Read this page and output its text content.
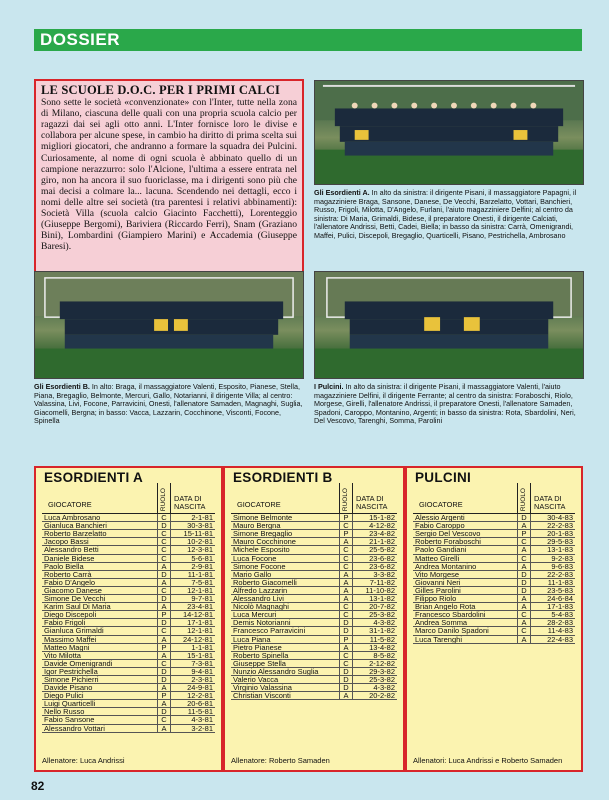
DOSSIER
LE SCUOLE D.O.C. PER I PRIMI CALCI

Sono sette le società «convenzionate» con l'Inter, tutte nella zona di Milano, ciascuna delle quali con una propria scuola calcio per ragazzi dai sei agli otto anni. L'Inter fornisce loro le divise e collabora per alcune spese, in cambio ha diritto di prima scelta sui migliori giocatori, che andranno a formare la squadra dei Pulcini. Curiosamente, al nome di ogni scuola è abbinato quello di un campione nerazzurro: solo l'Alcione, l'ultima a essere entrata nel giro, non ha ancora il suo fuoriclasse, ma i dirigenti sono più che mai decisi a colmare la... lacuna. Scendendo nei dettagli, ecco i nomi delle altre sei società (tra parentesi i relativi abbinamenti): Società Villa (scuola calcio Giacinto Facchetti), Lorenteggio (Giuseppe Bergomi), Bariviera (Riccardo Ferri), Snam (Graziano Bini), Lombardini (Giampiero Marini) e Accademia (Giuseppe Baresi).

Gli Esordienti A. In alto da sinistra: il dirigente Pisani, il massaggiatore Papagni, il magazziniere Braga, Sansone, Danese, De Vecchi, Barzelatto, Vottari, Banchieri, Russo, Frigoli, Milotta, D'Angelo, Furlani, l'aiuto magazziniere Delfini; al centro da sinistra: Di Maria, Grimaldi, Bidese, il preparatore Onesti, il dirigente Calciati, l'allenatore Andrissi, Betti, Cadei, Biella; in basso da sinistra: Carrà, Omenigrandi, Maffei, Pulici, Discepoli, Bregaglio, Quarticelli, Pisano, Pestrichella, Ambrosano
Gli Esordienti B. In alto: Braga, il massaggiatore Valenti, Esposito, Pianese, Stella, Piana, Bregaglio, Belmonte, Mercuri, Gallo, Notarianni, il dirigente Villa; al centro: Valassina, Livi, Focone, Parravicini, Onesti, l'allenatore Samaden, Magnaghi, Suglia, Giacomelli, Bergna; in basso: Vacca, Lazzarin, Cocchinone, Visconti, Focone, Spinella
I Pulcini. In alto da sinistra: il dirigente Pisani, il massaggiatore Valenti, l'aiuto magazziniere Delfini, il dirigente Ferrante; al centro da sinistra: Foraboschi, Riolo, Morgese, Girelli, l'allenatore Andrissi, il preparatore Onesti, l'allenatore Samaden, Spadoni, Caroppo, Montanino, Argenti; in basso da sinistra: Rota, Sbardolini, Neri, Del Vescovo, Tarenghi, Somma, Parolini
ESORDIENTI A
GIOCATORE	RUOLO DATA DI NASCITA
Luca Ambrosano	C	2-1-81
Gianluca Banchieri	D	30-3-81
Roberto Barzelatto	C	15-11-81
Jacopo Bassi	C	10-2-81
Alessandro Betti	C	12-3-81
Daniele Bidese	C	5-6-81
Paolo Biella	A	2-9-81
Roberto Carrà	D	11-1-81
Fabio D'Angelo	A	7-5-81
Giacomo Danese	C	12-1-81
Simone De Vecchi	D	9-7-81
Karim Saul Di Maria	A	23-4-81
Diego Discepoli	P	14-12-81
Fabio Frigoli	D	17-1-81
Gianluca Grimaldi	C	12-1-81
Massimo Maffei	A	24-12-81
Matteo Magni	P	1-1-81
Vito Milotta	A	15-1-81
Davide Omenigrandi	C	7-3-81
Igor Pestrichella	D	9-4-81
Simone Pichierri	D	2-3-81
Davide Pisano	A	24-9-81
Diego Pulici	P	12-2-81
Luigi Quarticelli	A	20-6-81
Nello Russo	D	11-5-81
Fabio Sansone	C	4-3-81
Alessandro Vottari	A	3-2-81
Allenatore: Luca Andrissi
ESORDIENTI B
GIOCATORE	RUOLO DATA DI NASCITA
Simone Belmonte	P	15-1-82
Mauro Bergna	C	4-12-82
Simone Bregaglio	P	23-4-82
Mauro Cocchinone	A	21-1-82
Michele Esposito	C	25-5-82
Luca Focone	C	23-6-82
Simone Focone	C	23-6-82
Mario Gallo	A	3-3-82
Roberto Giacomelli	A	7-11-82
Alfredo Lazzarin	A	11-10-82
Alessandro Livi	A	13-1-82
Nicolò Magnaghi	C	20-7-82
Luca Mercuri	C	25-3-82
Demis Notorianni	D	4-3-82
Francesco Parravicini	D	31-1-82
Luca Piana	P	11-5-82
Pietro Pianese	A	13-4-82
Roberto Spinella	C	8-5-82
Giuseppe Stella	C	2-12-82
Nunzio Alessandro Suglia	D	29-3-82
Valerio Vacca	D	25-3-82
Virginio Valassina	D	4-3-82
Christian Visconti	A	20-2-82
Allenatore: Roberto Samaden
PULCINI
GIOCATORE	RUOLO DATA DI NASCITA
Alessio Argenti	D	30-4-83
Fabio Caroppo	A	22-2-83
Sergio Del Vescovo	P	20-1-83
Roberto Foraboschi	C	29-5-83
Paolo Gandiani	A	13-1-83
Matteo Girelli	C	9-2-83
Andrea Montanino	A	9-6-83
Vito Morgese	D	22-2-83
Giovanni Neri	D	11-1-83
Gilles Parolini	D	23-5-83
Filippo Riolo	A	24-6-84
Brian Angelo Rota	A	17-1-83
Francesco Sbardolini	C	5-4-83
Andrea Somma	A	28-2-83
Marco Danilo Spadoni	C	11-4-83
Luca Tarenghi	A	22-4-83
Allenatori: Luca Andrissi e Roberto Samaden
82
